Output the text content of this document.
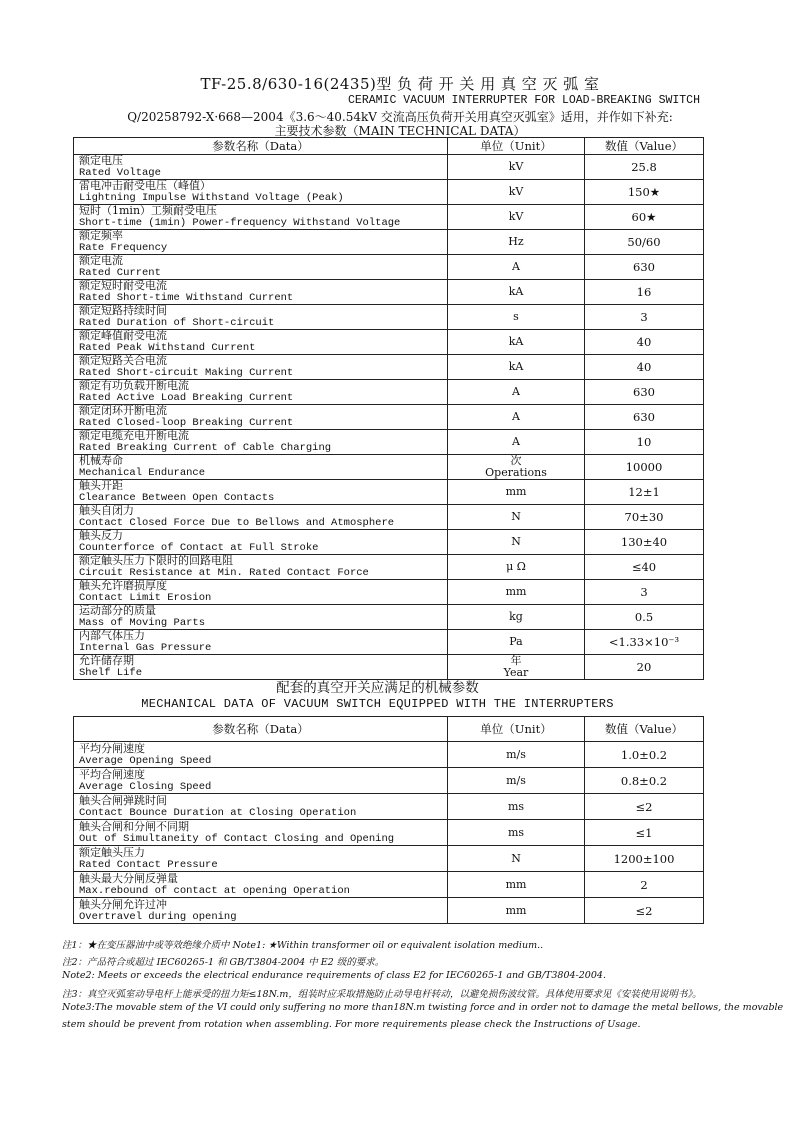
TF-25.8/630-16(2435)型 负 荷 开 关 用 真 空 灭 弧 室
CERAMIC VACUUM INTERRUPTER FOR LOAD-BREAKING SWITCH
Q/20258792-X·668—2004《3.6～40.54kV 交流高压负荷开关用真空灭弧室》适用，并作如下补充:
主要技术参数（MAIN TECHNICAL DATA）
参数名称（Data）	单位（Unit）	数值（Value）

额定电压
Rated Voltage	kV	25.8

雷电冲击耐受电压（峰值）
Lightning Impulse Withstand Voltage (Peak)	kV	150★

短时（1min）工频耐受电压
Short-time (1min) Power-frequency Withstand Voltage	kV	60★

额定频率
Rate Frequency	Hz	50/60

额定电流
Rated Current	A	630

额定短时耐受电流
Rated Short-time Withstand Current	kA	16

额定短路持续时间
Rated Duration of Short-circuit	s	3

额定峰值耐受电流
Rated Peak Withstand Current	kA	40

额定短路关合电流
Rated Short-circuit Making Current	kA	40

额定有功负载开断电流
Rated Active Load Breaking Current	A	630

额定闭环开断电流
Rated Closed-loop Breaking Current	A	630

额定电缆充电开断电流
Rated Breaking Current of Cable Charging	A	10

机械寿命
Mechanical Endurance	次
Operations	10000

触头开距
Clearance Between Open Contacts	mm	12±1

触头自闭力
Contact Closed Force Due to Bellows and Atmosphere	N	70±30

触头反力
Counterforce of Contact at Full Stroke	N	130±40

额定触头压力下限时的回路电阻
Circuit Resistance at Min. Rated Contact Force	μ Ω	≤40

触头允许磨损厚度
Contact Limit Erosion	mm	3

运动部分的质量
Mass of Moving Parts	kg	0.5

内部气体压力
Internal Gas Pressure	Pa	<1.33×10⁻³

允许储存期
Shelf Life	年
Year	20
配套的真空开关应满足的机械参数
MECHANICAL DATA OF VACUUM SWITCH EQUIPPED WITH THE INTERRUPTERS
参数名称（Data）	单位（Unit）	数值（Value）

平均分闸速度
Average Opening Speed	m/s	1.0±0.2

平均合闸速度
Average Closing Speed	m/s	0.8±0.2

触头合闸弹跳时间
Contact Bounce Duration at Closing Operation	ms	≤2

触头合闸和分闸不同期
Out of Simultaneity of Contact Closing and Opening	ms	≤1

额定触头压力
Rated Contact Pressure	N	1200±100

触头最大分闸反弹量
Max.rebound of contact at opening Operation	mm	2

触头分闸允许过冲
Overtravel during opening	mm	≤2
注1：★在变压器油中或等效绝缘介质中 Note1: ★Within transformer oil or equivalent isolation medium..
注2：产品符合或超过 IEC60265-1 和 GB/T3804-2004 中 E2 级的要求。
Note2: Meets or exceeds the electrical endurance requirements of class E2 for IEC60265-1 and GB/T3804-2004.
注3：真空灭弧室动导电杆上能承受的扭力矩≤18N.m，组装时应采取措施防止动导电杆转动，以避免损伤波纹管。具体使用要求见《安装使用说明书》。
Note3:The movable stem of the VI could only suffering no more than18N.m twisting force and in order not to damage the metal bellows, the movable
stem should be prevent from rotation when assembling. For more requirements please check the Instructions of Usage.
